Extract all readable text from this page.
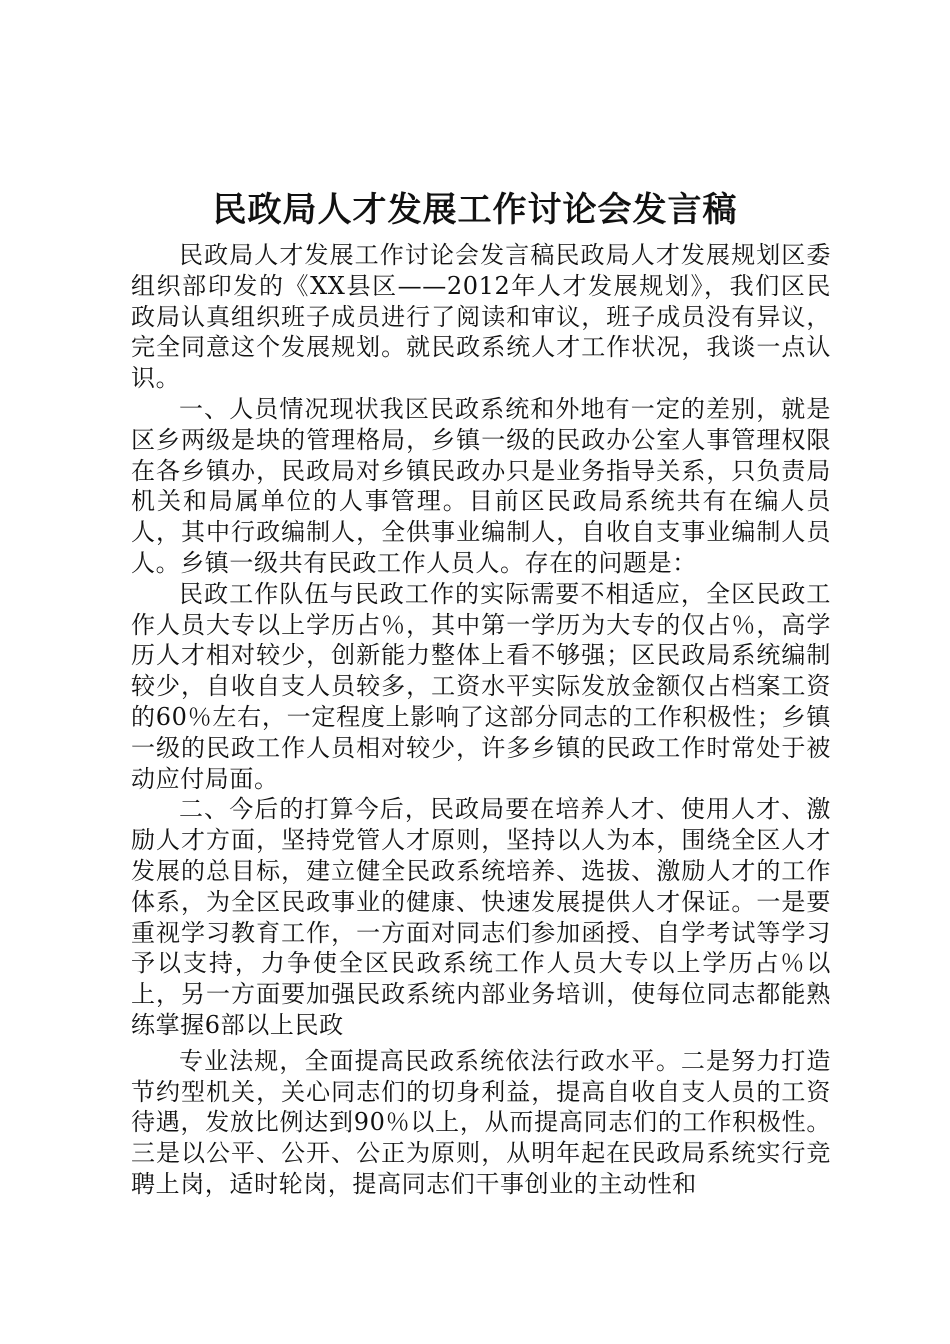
民政局人才发展工作讨论会发言稿

民政局人才发展工作讨论会发言稿民政局人才发展规划区委组织部印发的《XX县区——2012年人才发展规划》，我们区民政局认真组织班子成员进行了阅读和审议，班子成员没有异议，完全同意这个发展规划。就民政系统人才工作状况，我谈一点认识。

一、人员情况现状我区民政系统和外地有一定的差别，就是区乡两级是块的管理格局，乡镇一级的民政办公室人事管理权限在各乡镇办，民政局对乡镇民政办只是业务指导关系，只负责局机关和局属单位的人事管理。目前区民政局系统共有在编人员人，其中行政编制人，全供事业编制人，自收自支事业编制人员人。乡镇一级共有民政工作人员人。存在的问题是：

民政工作队伍与民政工作的实际需要不相适应，全区民政工作人员大专以上学历占％，其中第一学历为大专的仅占％，高学历人才相对较少，创新能力整体上看不够强；区民政局系统编制较少，自收自支人员较多，工资水平实际发放金额仅占档案工资的60％左右，一定程度上影响了这部分同志的工作积极性；乡镇一级的民政工作人员相对较少，许多乡镇的民政工作时常处于被动应付局面。

二、今后的打算今后，民政局要在培养人才、使用人才、激励人才方面，坚持党管人才原则，坚持以人为本，围绕全区人才发展的总目标，建立健全民政系统培养、选拔、激励人才的工作体系，为全区民政事业的健康、快速发展提供人才保证。一是要重视学习教育工作，一方面对同志们参加函授、自学考试等学习予以支持，力争使全区民政系统工作人员大专以上学历占％以上，另一方面要加强民政系统内部业务培训，使每位同志都能熟练掌握6部以上民政

专业法规，全面提高民政系统依法行政水平。二是努力打造节约型机关，关心同志们的切身利益，提高自收自支人员的工资待遇，发放比例达到90％以上，从而提高同志们的工作积极性。三是以公平、公开、公正为原则，从明年起在民政局系统实行竞聘上岗，适时轮岗，提高同志们干事创业的主动性和
